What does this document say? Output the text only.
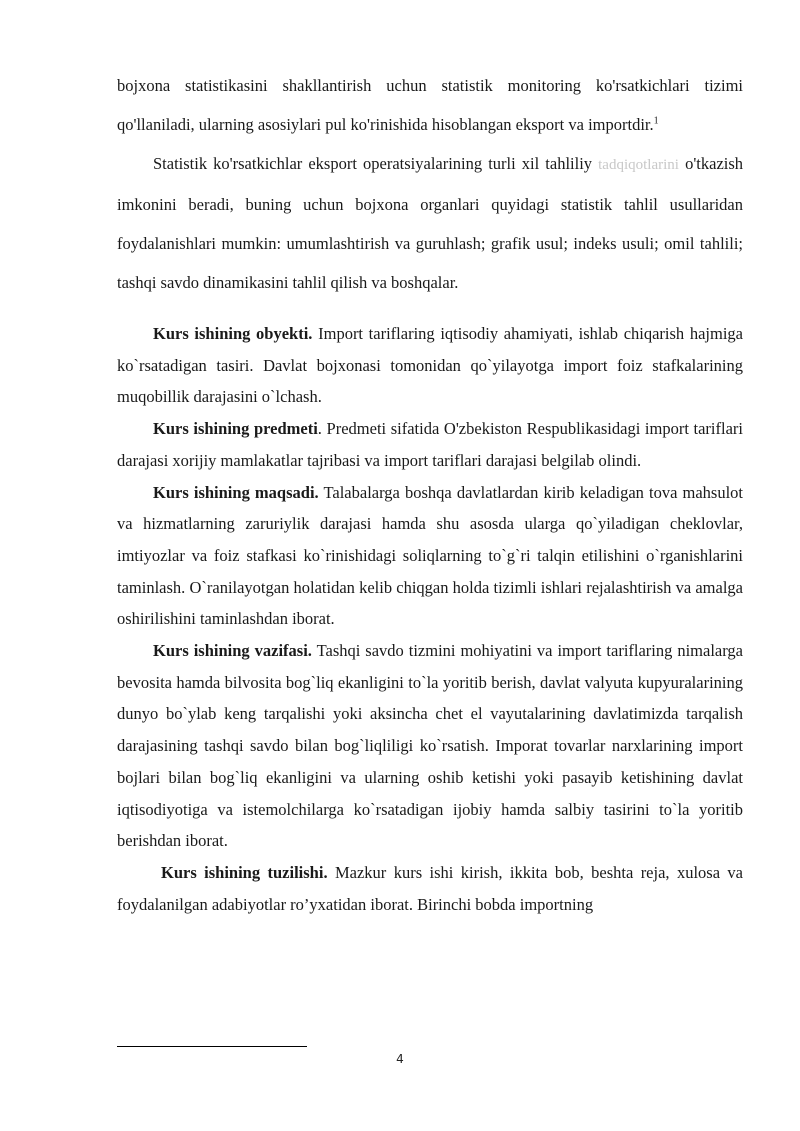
bojxona statistikasini shakllantirish uchun statistik monitoring ko'rsatkichlari tizimi qo'llaniladi, ularning asosiylari pul ko'rinishida hisoblangan eksport va importdir.$^1$

Statistik ko'rsatkichlar eksport operatsiyalarining turli xil tahliliy tadqiqotlarini o'tkazish imkonini beradi, buning uchun bojxona organlari quyidagi statistik tahlil usullaridan foydalanishlari mumkin: umumlashtirish va guruhlash; grafik usul; indeks usuli; omil tahlili; tashqi savdo dinamikasini tahlil qilish va boshqalar.

Kurs ishining obyekti. Import tariflaring iqtisodiy ahamiyati, ishlab chiqarish hajmiga ko`rsatadigan tasiri. Davlat bojxonasi tomonidan qo`yilayotga import foiz stafkalarining muqobillik darajasini o`lchash.

Kurs ishining predmeti. Predmeti sifatida O'zbekiston Respublikasidagi import tariflari darajasi xorijiy mamlakatlar tajribasi va import tariflari darajasi belgilab olindi.

Kurs ishining maqsadi. Talabalarga boshqa davlatlardan kirib keladigan tova mahsulot va hizmatlarning zaruriylik darajasi hamda shu asosda ularga qo`yiladigan cheklovlar, imtiyozlar va foiz stafkasi ko`rinishidagi soliqlarning to`g`ri talqin etilishini o`rganishlarini taminlash. O`ranilayotgan holatidan kelib chiqgan holda tizimli ishlari rejalashtirish va amalga oshirilishini taminlashdan iborat.

Kurs ishining vazifasi. Tashqi savdo tizmini mohiyatini va import tariflaring nimalarga bevosita hamda bilvosita bog`liq ekanligini to`la yoritib berish, davlat valyuta kupyuralarining dunyo bo`ylab keng tarqalishi yoki aksincha chet el vayutalarining davlatimizda tarqalish darajasining tashqi savdo bilan bog`liqliligi ko`rsatish. Imporat tovarlar narxlarining import bojlari bilan bog`liq ekanligini va ularning oshib ketishi yoki pasayib ketishining davlat iqtisodiyotiga va istemolchilarga ko`rsatadigan ijobiy hamda salbiy tasirini to`la yoritib berishdan iborat.

Kurs ishining tuzilishi. Mazkur kurs ishi kirish, ikkita bob, beshta reja, xulosa va foydalanilgan adabiyotlar ro’yxatidan iborat. Birinchi bobda importning

4
